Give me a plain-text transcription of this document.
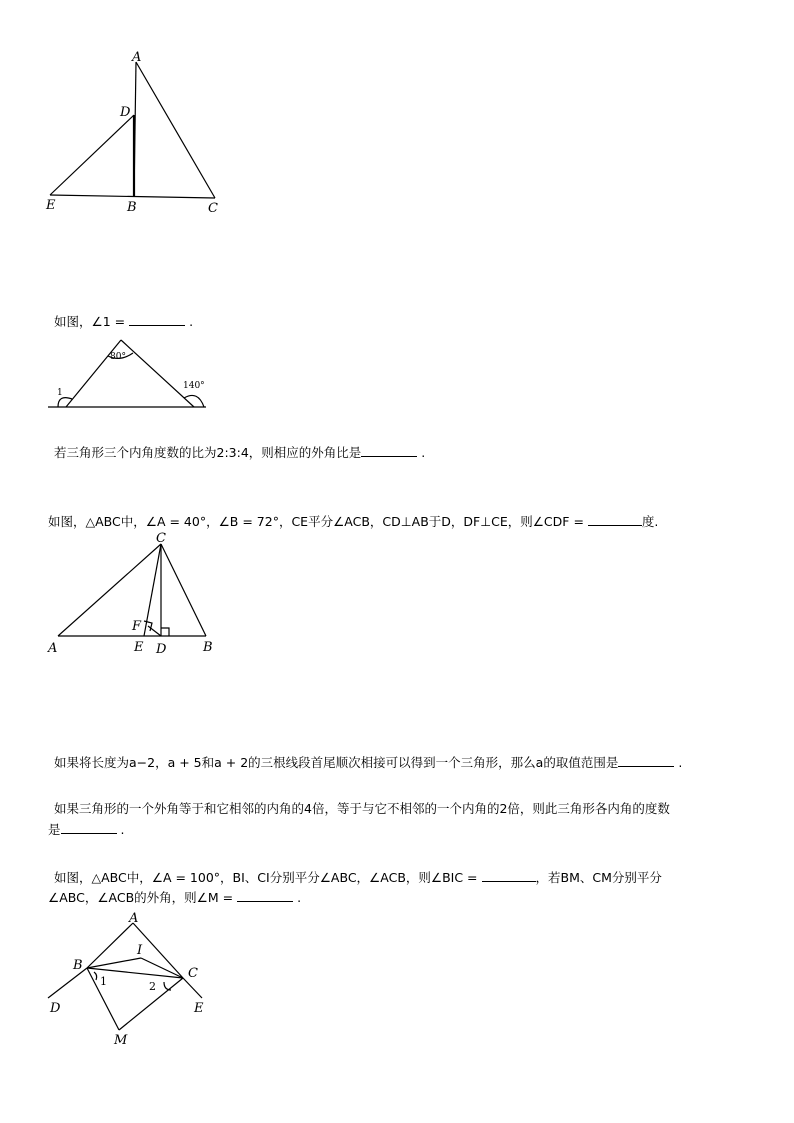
A
D
E	B	C
如图，∠1 =	.
80°
140°
1
若三角形三个内角度数的比为2:3:4，则相应的外角比是	.
如图，△ABC中，∠A = 40°，∠B = 72°，CE平分∠ACB，CD⊥AB于D，DF⊥CE，则∠CDF =	度.
C
F
A	E D	B
如果将长度为a−2，a + 5和a + 2的三根线段首尾顺次相接可以得到一个三角形，那么a的取值范围是	.
如果三角形的一个外角等于和它相邻的内角的4倍，等于与它不相邻的一个内角的2倍，则此三角形各内角的度数
是	.
如图，△ABC中，∠A = 100°，BI、CI分别平分∠ABC，∠ACB，则∠BIC =	，若BM、CM分别平分
∠ABC，∠ACB的外角，则∠M =	.
A
I
B
C
D	E
M
1	2
